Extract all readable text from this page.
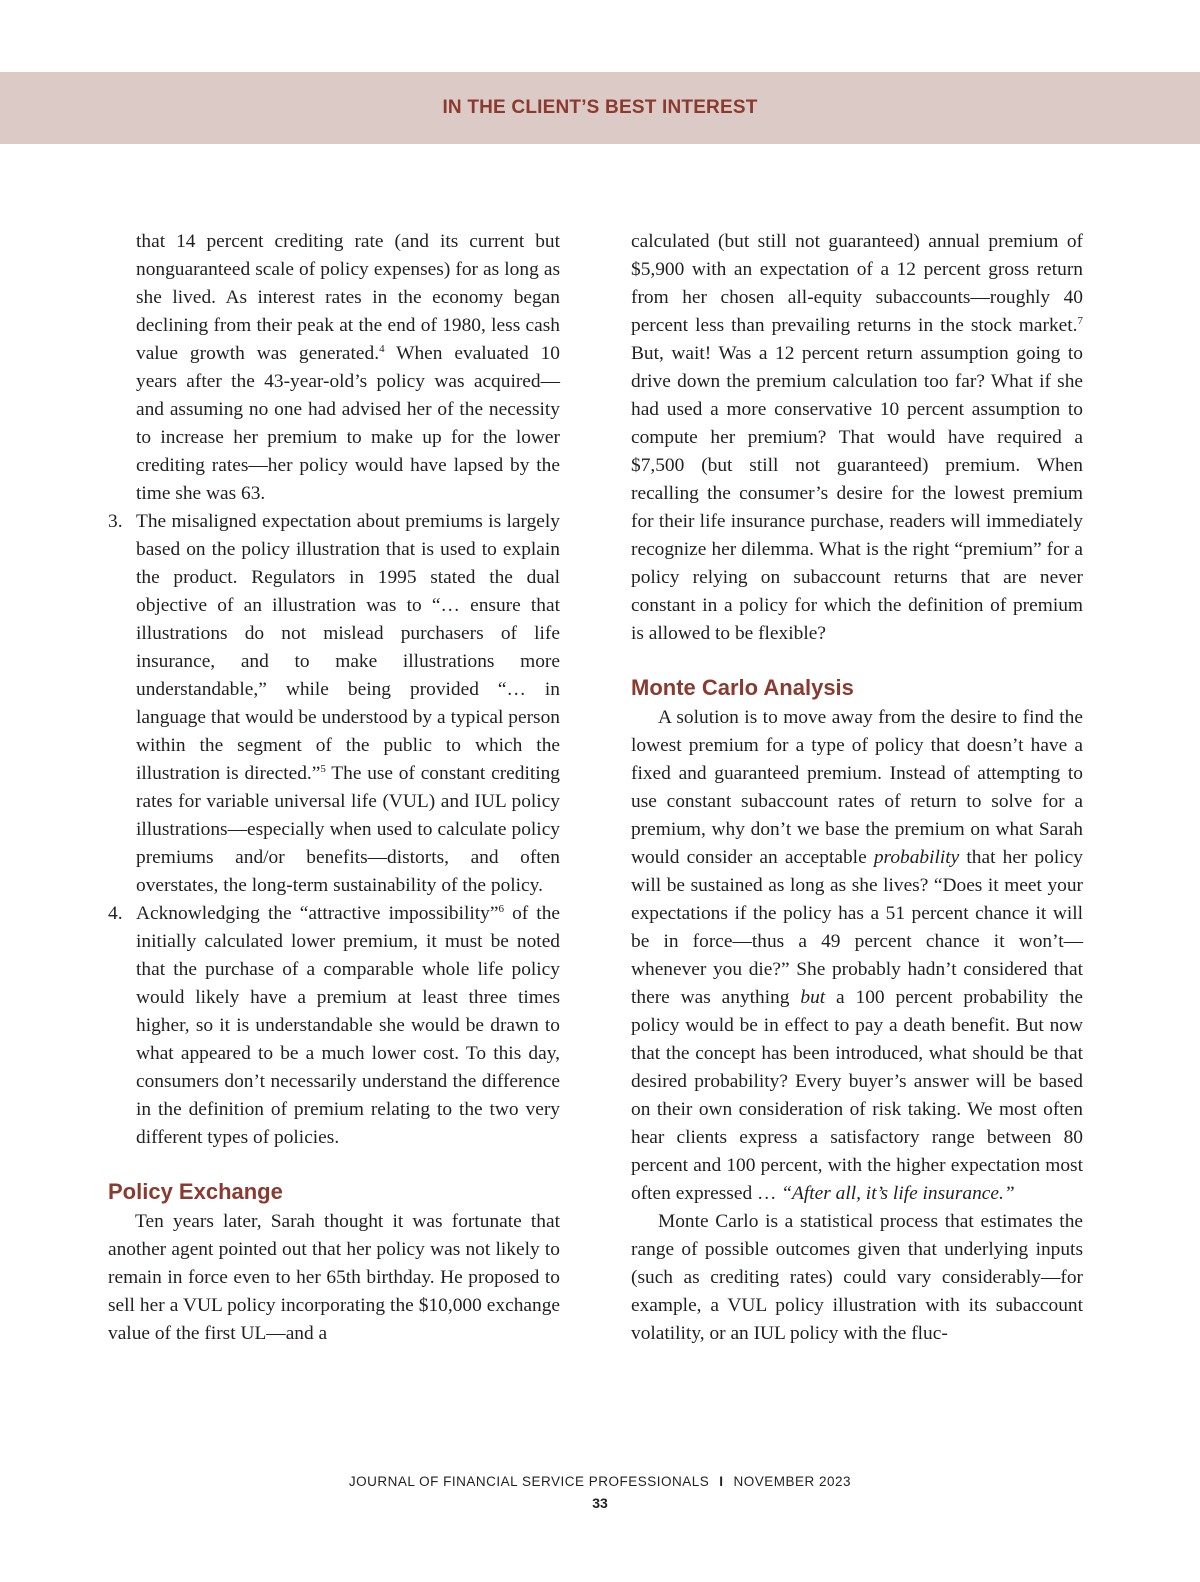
IN THE CLIENT’S BEST INTEREST

that 14 percent crediting rate (and its current but nonguaranteed scale of policy expenses) for as long as she lived. As interest rates in the economy began declining from their peak at the end of 1980, less cash value growth was generated.$^4$ When evaluated 10 years after the 43-year-old’s policy was acquired—and assuming no one had advised her of the necessity to increase her premium to make up for the lower crediting rates—her policy would have lapsed by the time she was 63.

3. The misaligned expectation about premiums is largely based on the policy illustration that is used to explain the product. Regulators in 1995 stated the dual objective of an illustration was to “… ensure that illustrations do not mislead purchasers of life insurance, and to make illustrations more understandable,” while being provided “… in language that would be understood by a typical person within the segment of the public to which the illustration is directed.”$^5$ The use of constant crediting rates for variable universal life (VUL) and IUL policy illustrations—especially when used to calculate policy premiums and/or benefits—distorts, and often overstates, the long-term sustainability of the policy.

4. Acknowledging the “attractive impossibility”$^6$ of the initially calculated lower premium, it must be noted that the purchase of a comparable whole life policy would likely have a premium at least three times higher, so it is understandable she would be drawn to what appeared to be a much lower cost. To this day, consumers don’t necessarily understand the difference in the definition of premium relating to the two very different types of policies.

Policy Exchange

Ten years later, Sarah thought it was fortunate that another agent pointed out that her policy was not likely to remain in force even to her 65th birthday. He proposed to sell her a VUL policy incorporating the $10,000 exchange value of the first UL—and a

calculated (but still not guaranteed) annual premium of $5,900 with an expectation of a 12 percent gross return from her chosen all-equity subaccounts—roughly 40 percent less than prevailing returns in the stock market.$^7$ But, wait! Was a 12 percent return assumption going to drive down the premium calculation too far? What if she had used a more conservative 10 percent assumption to compute her premium? That would have required a $7,500 (but still not guaranteed) premium. When recalling the consumer’s desire for the lowest premium for their life insurance purchase, readers will immediately recognize her dilemma. What is the right “premium” for a policy relying on subaccount returns that are never constant in a policy for which the definition of premium is allowed to be flexible?

Monte Carlo Analysis

A solution is to move away from the desire to find the lowest premium for a type of policy that doesn’t have a fixed and guaranteed premium. Instead of attempting to use constant subaccount rates of return to solve for a premium, why don’t we base the premium on what Sarah would consider an acceptable probability that her policy will be sustained as long as she lives? “Does it meet your expectations if the policy has a 51 percent chance it will be in force—thus a 49 percent chance it won’t—whenever you die?” She probably hadn’t considered that there was anything but a 100 percent probability the policy would be in effect to pay a death benefit. But now that the concept has been introduced, what should be that desired probability? Every buyer’s answer will be based on their own consideration of risk taking. We most often hear clients express a satisfactory range between 80 percent and 100 percent, with the higher expectation most often expressed … “After all, it’s life insurance.”

Monte Carlo is a statistical process that estimates the range of possible outcomes given that underlying inputs (such as crediting rates) could vary considerably—for example, a VUL policy illustration with its subaccount volatility, or an IUL policy with the fluc-

JOURNAL OF FINANCIAL SERVICE PROFESSIONALS I NOVEMBER 2023
33
